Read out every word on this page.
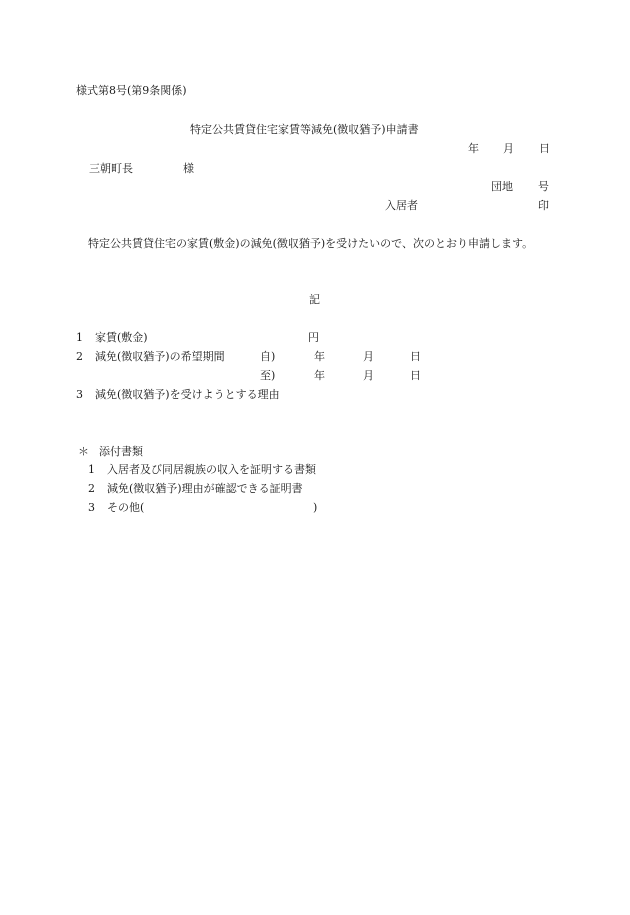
様式第8号(第9条関係)
特定公共賃貸住宅家賃等減免(徴収猶予)申請書
年 月 日
三朝町長	様
団地 号
入居者	印
特定公共賃貸住宅の家賃(敷金)の減免(徴収猶予)を受けたいので、次のとおり申請します。
記
1 家賃(敷金)	円
2 減免(徴収猶予)の希望期間	自)	年	月	日
至)	年	月	日
3 減免(徴収猶予)を受けようとする理由
＊ 添付書類
1 入居者及び同居親族の収入を証明する書類
2 減免(徴収猶予)理由が確認できる証明書
3 その他(	)
